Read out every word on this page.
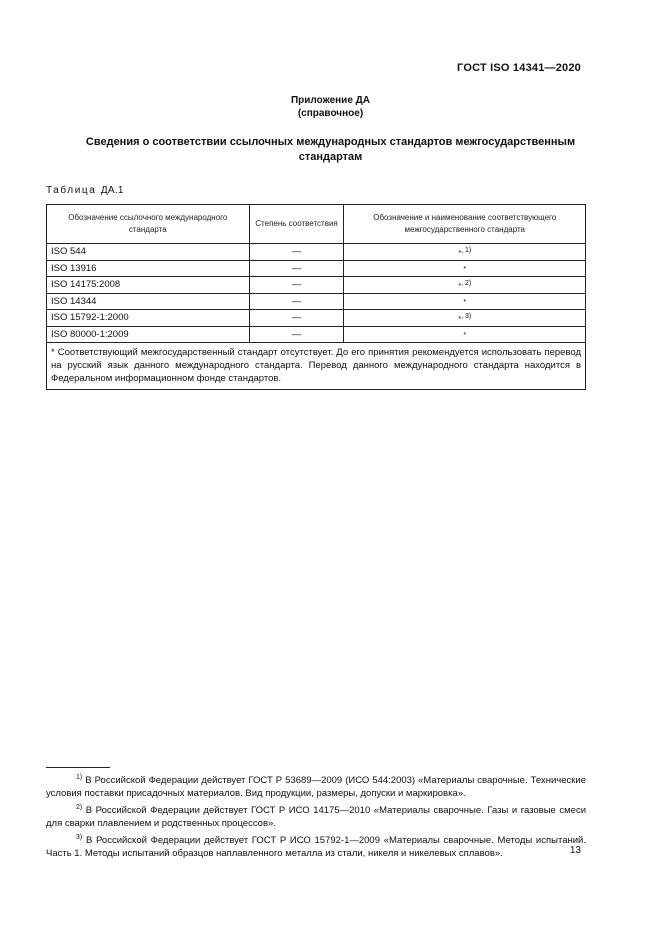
ГОСТ ISO 14341—2020
Приложение ДА
(справочное)
Сведения о соответствии ссылочных международных стандартов межгосударственным стандартам
Таблица ДА.1
Обозначение ссылочного международного стандарта	Степень соответствия	Обозначение и наименование соответствующего межгосударственного стандарта
ISO 544	—	*$^{, 1)}$
ISO 13916	—	*
ISO 14175:2008	—	*$^{, 2)}$
ISO 14344	—	*
ISO 15792-1:2000	—	*$^{, 3)}$
ISO 80000-1:2009	—	*
* Соответствующий межгосударственный стандарт отсутствует. До его принятия рекомендуется использовать перевод на русский язык данного международного стандарта. Перевод данного международного стандарта находится в Федеральном информационном фонде стандартов.		

$^{1)}$ В Российской Федерации действует ГОСТ Р 53689—2009 (ИСО 544:2003) «Материалы сварочные. Технические условия поставки присадочных материалов. Вид продукции, размеры, допуски и маркировка».

$^{2)}$ В Российской Федерации действует ГОСТ Р ИСО 14175—2010 «Материалы сварочные. Газы и газовые смеси для сварки плавлением и родственных процессов».

$^{3)}$ В Российской Федерации действует ГОСТ Р ИСО 15792-1—2009 «Материалы сварочные. Методы испытаний. Часть 1. Методы испытаний образцов наплавленного металла из стали, никеля и никелевых сплавов».	13
